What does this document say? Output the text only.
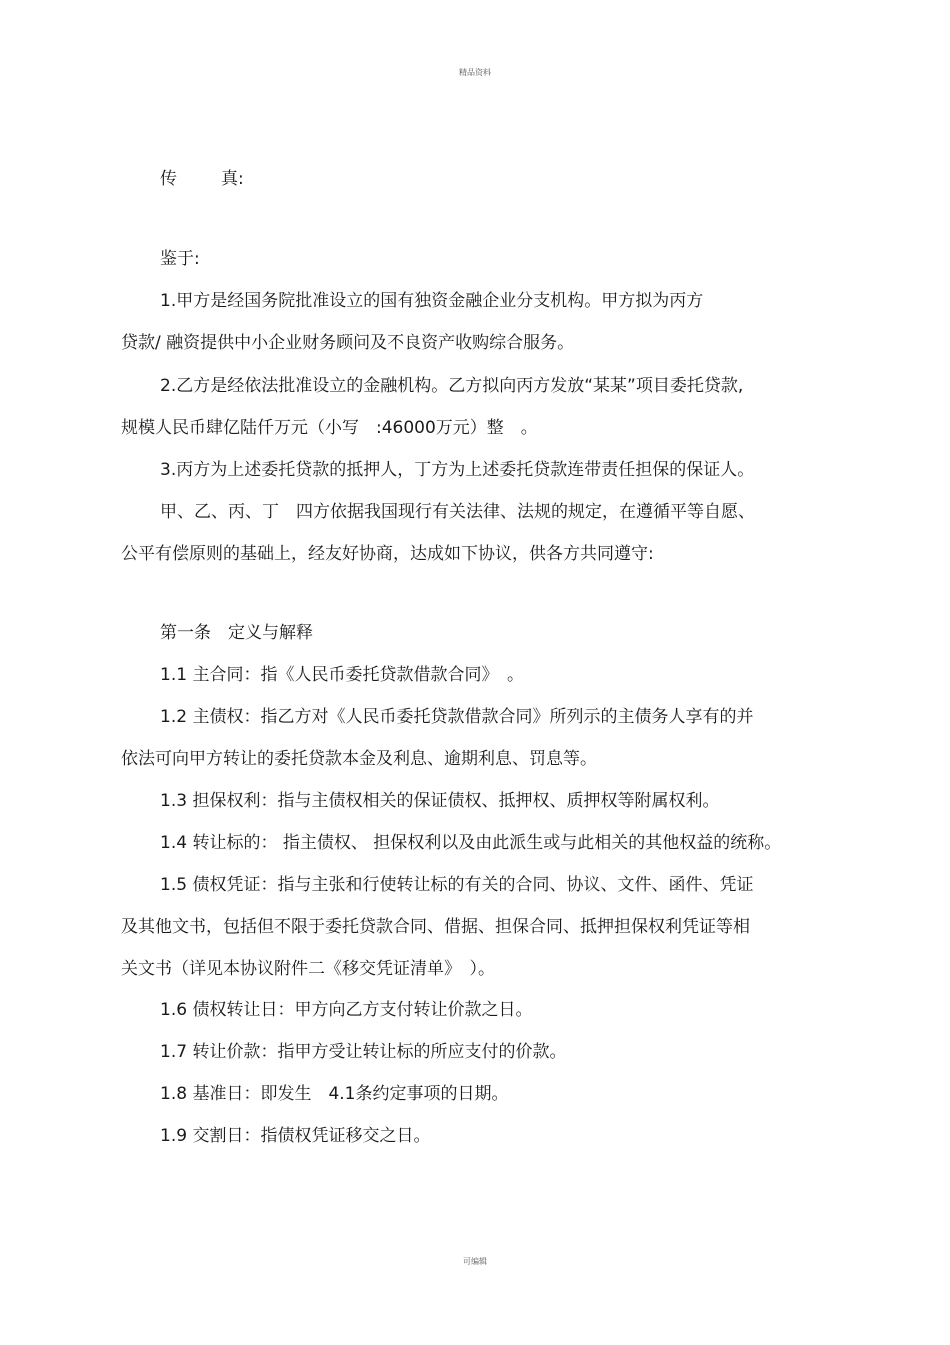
精品资料
传	真:
鉴于:
1.甲方是经国务院批准设立的国有独资金融企业分支机构。甲方拟为丙方
贷款/ 融资提供中小企业财务顾问及不良资产收购综合服务。
2.乙方是经依法批准设立的金融机构。乙方拟向丙方发放“某某”项目委托贷款,
规模人民币肆亿陆仟万元（小写　:46000万元）整　。
3.丙方为上述委托贷款的抵押人，丁方为上述委托贷款连带责任担保的保证人。
甲、乙、丙、丁　四方依据我国现行有关法律、法规的规定，在遵循平等自愿、
公平有偿原则的基础上，经友好协商，达成如下协议，供各方共同遵守:
第一条　定义与解释
1.1 主合同：指《人民币委托贷款借款合同》　。
1.2 主债权：指乙方对《人民币委托贷款借款合同》所列示的主债务人享有的并
依法可向甲方转让的委托贷款本金及利息、逾期利息、罚息等。
1.3 担保权利：指与主债权相关的保证债权、抵押权、质押权等附属权利。
1.4 转让标的： 指主债权、 担保权利以及由此派生或与此相关的其他权益的统称。
1.5 债权凭证：指与主张和行使转让标的有关的合同、协议、文件、函件、凭证
及其他文书，包括但不限于委托贷款合同、借据、担保合同、抵押担保权利凭证等相
关文书（详见本协议附件二《移交凭证清单》　）。
1.6 债权转让日：甲方向乙方支付转让价款之日。
1.7 转让价款：指甲方受让转让标的所应支付的价款。
1.8 基准日：即发生　4.1条约定事项的日期。
1.9 交割日：指债权凭证移交之日。
可编辑
